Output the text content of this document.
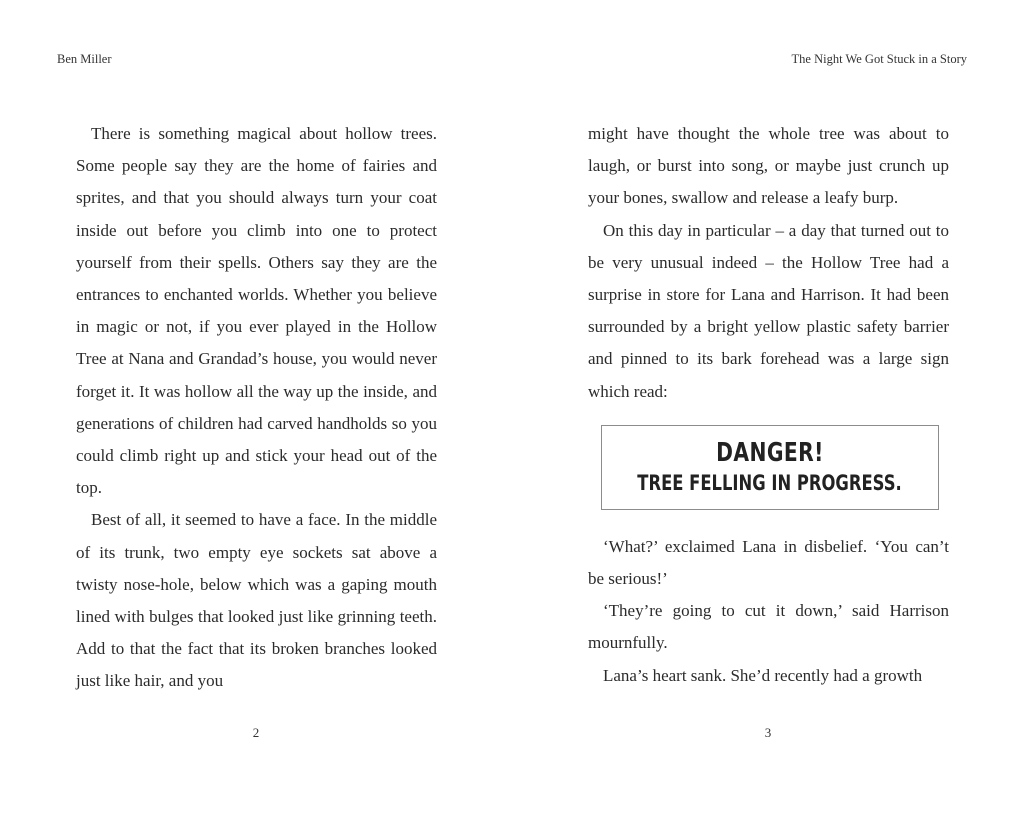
Ben Miller	The Night We Got Stuck in a Story

There is something magical about hollow trees. Some people say they are the home of fairies and sprites, and that you should always turn your coat inside out before you climb into one to protect yourself from their spells. Others say they are the entrances to enchanted worlds. Whether you believe in magic or not, if you ever played in the Hollow Tree at Nana and Grandad’s house, you would never forget it. It was hollow all the way up the inside, and generations of children had carved handholds so you could climb right up and stick your head out of the top.

Best of all, it seemed to have a face. In the middle of its trunk, two empty eye sockets sat above a twisty nose-hole, below which was a gaping mouth lined with bulges that looked just like grinning teeth. Add to that the fact that its broken branches looked just like hair, and you

might have thought the whole tree was about to laugh, or burst into song, or maybe just crunch up your bones, swallow and release a leafy burp.

On this day in particular – a day that turned out to be very unusual indeed – the Hollow Tree had a surprise in store for Lana and Harrison. It had been surrounded by a bright yellow plastic safety barrier and pinned to its bark forehead was a large sign which read:

DANGER!
TREE FELLING IN PROGRESS.

‘What?’ exclaimed Lana in disbelief. ‘You can’t be serious!’

‘They’re going to cut it down,’ said Harrison mournfully.

Lana’s heart sank. She’d recently had a growth

2	3
